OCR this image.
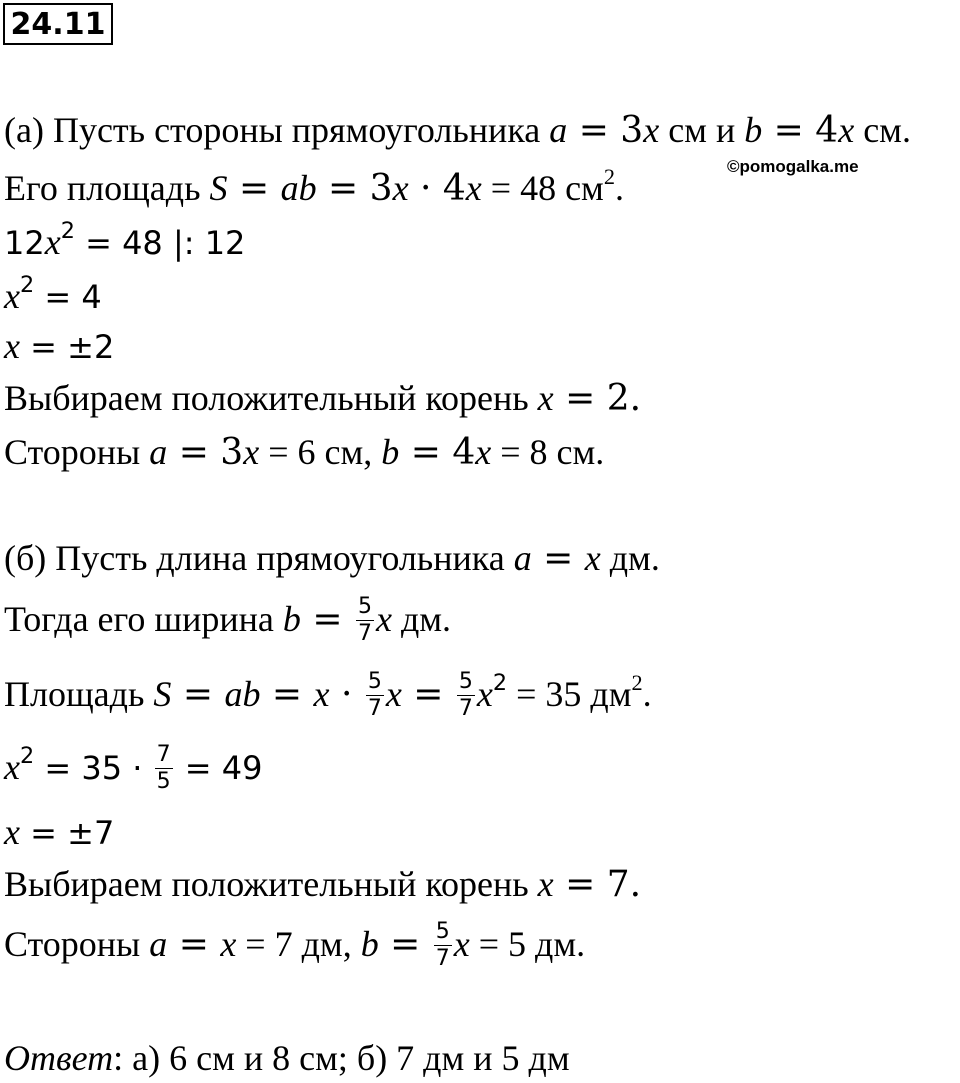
24.11
©pomogalka.me
(а) Пусть стороны прямоугольника a = 3x см и b = 4x см.
Его площадь S = ab = 3x · 4x = 48 $см^2$.
$12x^2 = 48$ |: 12
$x^2 = 4$
x = ±2
Выбираем положительный корень x = 2.
Стороны a = 3x = 6 см, b = 4x = 8 см.
(б) Пусть длина прямоугольника a = x дм.
Тогда его ширина $b = \frac{5}{7}$ x дм.
Площадь S = ab = $x \cdot \frac{5}{7}$ $x = \frac{5}{7} x^2 = 35$ $дм^2$.
$x^2 = 35 \cdot \frac{7}{5} = 49$
x = ±7
Выбираем положительный корень x = 7.
Стороны a = x = 7 дм, $b = \frac{5}{7}$ x = 5 дм.
Ответ: а) 6 см и 8 см; б) 7 дм и 5 дм
